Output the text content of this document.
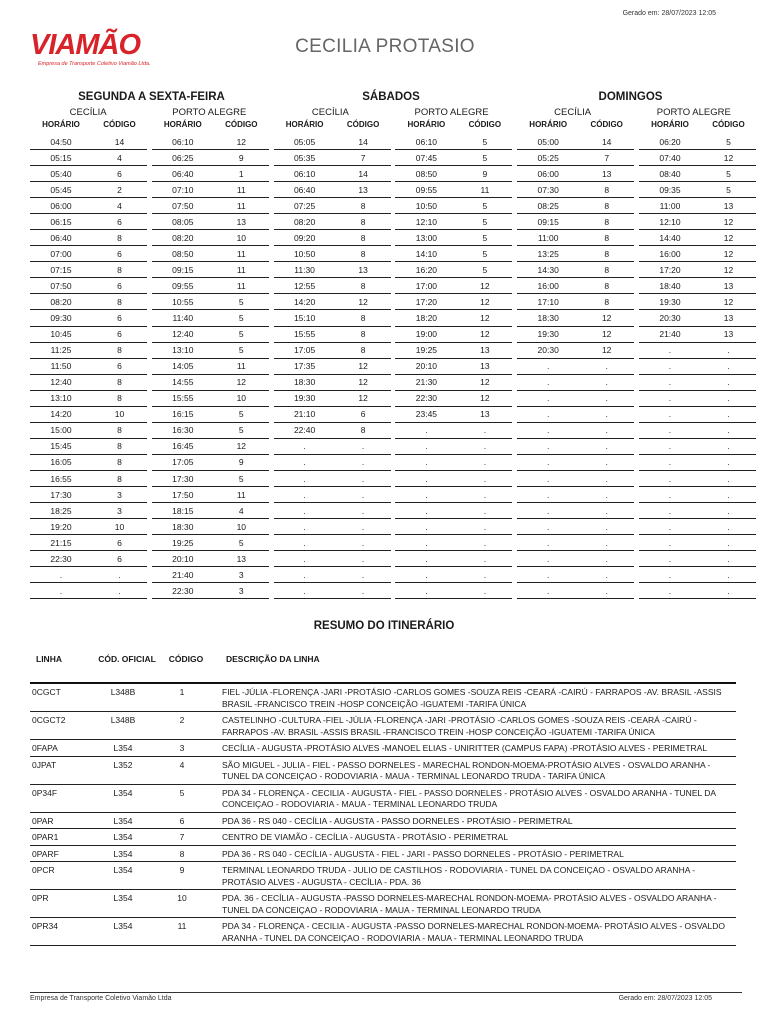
Gerado em: 28/07/2023 12:05
VIAMÃO
Empresa de Transporte Coletivo Viamão Ltda.
CECILIA PROTASIO
SEGUNDA A SEXTA-FEIRA	SÁBADOS	DOMINGOS
CECÍLIA	PORTO ALEGRE	CECÍLIA	PORTO ALEGRE	CECÍLIA	PORTO ALEGRE
HORÁRIO	CÓDIGO	HORÁRIO	CÓDIGO	HORÁRIO	CÓDIGO	HORÁRIO	CÓDIGO	HORÁRIO	CÓDIGO	HORÁRIO	CÓDIGO
04:50	14	06:10	12	05:05	14	06:10	5	05:00	14	06:20	5
05:15	4	06:25	9	05:35	7	07:45	5	05:25	7	07:40	12
05:40	6	06:40	1	06:10	14	08:50	9	06:00	13	08:40	5
05:45	2	07:10	11	06:40	13	09:55	11	07:30	8	09:35	5
06:00	4	07:50	11	07:25	8	10:50	5	08:25	8	11:00	13
06:15	6	08:05	13	08:20	8	12:10	5	09:15	8	12:10	12
06:40	8	08:20	10	09:20	8	13:00	5	11:00	8	14:40	12
07:00	6	08:50	11	10:50	8	14:10	5	13:25	8	16:00	12
07:15	8	09:15	11	11:30	13	16:20	5	14:30	8	17:20	12
07:50	6	09:55	11	12:55	8	17:00	12	16:00	8	18:40	13
08:20	8	10:55	5	14:20	12	17:20	12	17:10	8	19:30	12
09:30	6	11:40	5	15:10	8	18:20	12	18:30	12	20:30	13
10:45	6	12:40	5	15:55	8	19:00	12	19:30	12	21:40	13
11:25	8	13:10	5	17:05	8	19:25	13	20:30	12	.	.
11:50	6	14:05	11	17:35	12	20:10	13	.	.	.	.
12:40	8	14:55	12	18:30	12	21:30	12	.	.	.	.
13:10	8	15:55	10	19:30	12	22:30	12	.	.	.	.
14:20	10	16:15	5	21:10	6	23:45	13	.	.	.	.
15:00	8	16:30	5	22:40	8	.	.	.	.	.	.
15:45	8	16:45	12	.	.	.	.	.	.	.	.
16:05	8	17:05	9	.	.	.	.	.	.	.	.
16:55	8	17:30	5	.	.	.	.	.	.	.	.
17:30	3	17:50	11	.	.	.	.	.	.	.	.
18:25	3	18:15	4	.	.	.	.	.	.	.	.
19:20	10	18:30	10	.	.	.	.	.	.	.	.
21:15	6	19:25	5	.	.	.	.	.	.	.	.
22:30	6	20:10	13	.	.	.	.	.	.	.	.
.	.	21:40	3	.	.	.	.	.	.	.	.
.	.	22:30	3	.	.	.	.	.	.	.	.
RESUMO DO ITINERÁRIO
LINHA	CÓD. OFICIAL	CÓDIGO	DESCRIÇÃO DA LINHA
0CGCT	L348B	1	FIEL -JÚLIA -FLORENÇA -JARI -PROTÁSIO -CARLOS GOMES -SOUZA REIS -CEARÁ -CAIRÚ - FARRAPOS -AV. BRASIL -ASSIS BRASIL -FRANCISCO TREIN -HOSP CONCEIÇÃO -IGUATEMI -TARIFA ÚNICA
0CGCT2	L348B	2	CASTELINHO -CULTURA -FIEL -JÚLIA -FLORENÇA -JARI -PROTÁSIO -CARLOS GOMES -SOUZA REIS -CEARÁ -CAIRÚ - FARRAPOS -AV. BRASIL -ASSIS BRASIL -FRANCISCO TREIN -HOSP CONCEIÇÃO -IGUATEMI -TARIFA ÚNICA
0FAPA	L354	3	CECÍLIA - AUGUSTA -PROTÁSIO ALVES -MANOEL ELIAS - UNIRITTER (CAMPUS FAPA) -PROTÁSIO ALVES - PERIMETRAL
0JPAT	L352	4	SÃO MIGUEL - JULIA - FIEL - PASSO DORNELES - MARECHAL RONDON-MOEMA-PROTÁSIO ALVES - OSVALDO ARANHA - TUNEL DA CONCEIÇAO - RODOVIARIA - MAUA - TERMINAL LEONARDO TRUDA - TARIFA ÚNICA
0P34F	L354	5	PDA 34 - FLORENÇA - CECILIA - AUGUSTA - FIEL - PASSO DORNELES - PROTÁSIO ALVES - OSVALDO ARANHA - TUNEL DA CONCEIÇAO - RODOVIARIA - MAUA - TERMINAL LEONARDO TRUDA
0PAR	L354	6	PDA 36 - RS 040 - CECÍLIA - AUGUSTA - PASSO DORNELES - PROTÁSIO - PERIMETRAL
0PAR1	L354	7	CENTRO DE VIAMÃO - CECÍLIA - AUGUSTA - PROTÁSIO - PERIMETRAL
0PARF	L354	8	PDA 36 - RS 040 - CECÍLIA - AUGUSTA - FIEL - JARI - PASSO DORNELES - PROTÁSIO - PERIMETRAL
0PCR	L354	9	TERMINAL LEONARDO TRUDA - JULIO DE CASTILHOS - RODOVIARIA - TUNEL DA CONCEIÇAO - OSVALDO ARANHA - PROTÁSIO ALVES - AUGUSTA - CECÍLIA - PDA. 36
0PR	L354	10	PDA. 36 - CECÍLIA - AUGUSTA -PASSO DORNELES-MARECHAL RONDON-MOEMA- PROTÁSIO ALVES - OSVALDO ARANHA - TUNEL DA CONCEIÇAO - RODOVIARIA - MAUA - TERMINAL LEONARDO TRUDA
0PR34	L354	11	PDA 34 - FLORENÇA - CECILIA - AUGUSTA -PASSO DORNELES-MARECHAL RONDON-MOEMA- PROTÁSIO ALVES - OSVALDO ARANHA - TUNEL DA CONCEIÇAO - RODOVIARIA - MAUA - TERMINAL LEONARDO TRUDA
Empresa de Transporte Coletivo Viamão Ltda	Gerado em: 28/07/2023 12:05
